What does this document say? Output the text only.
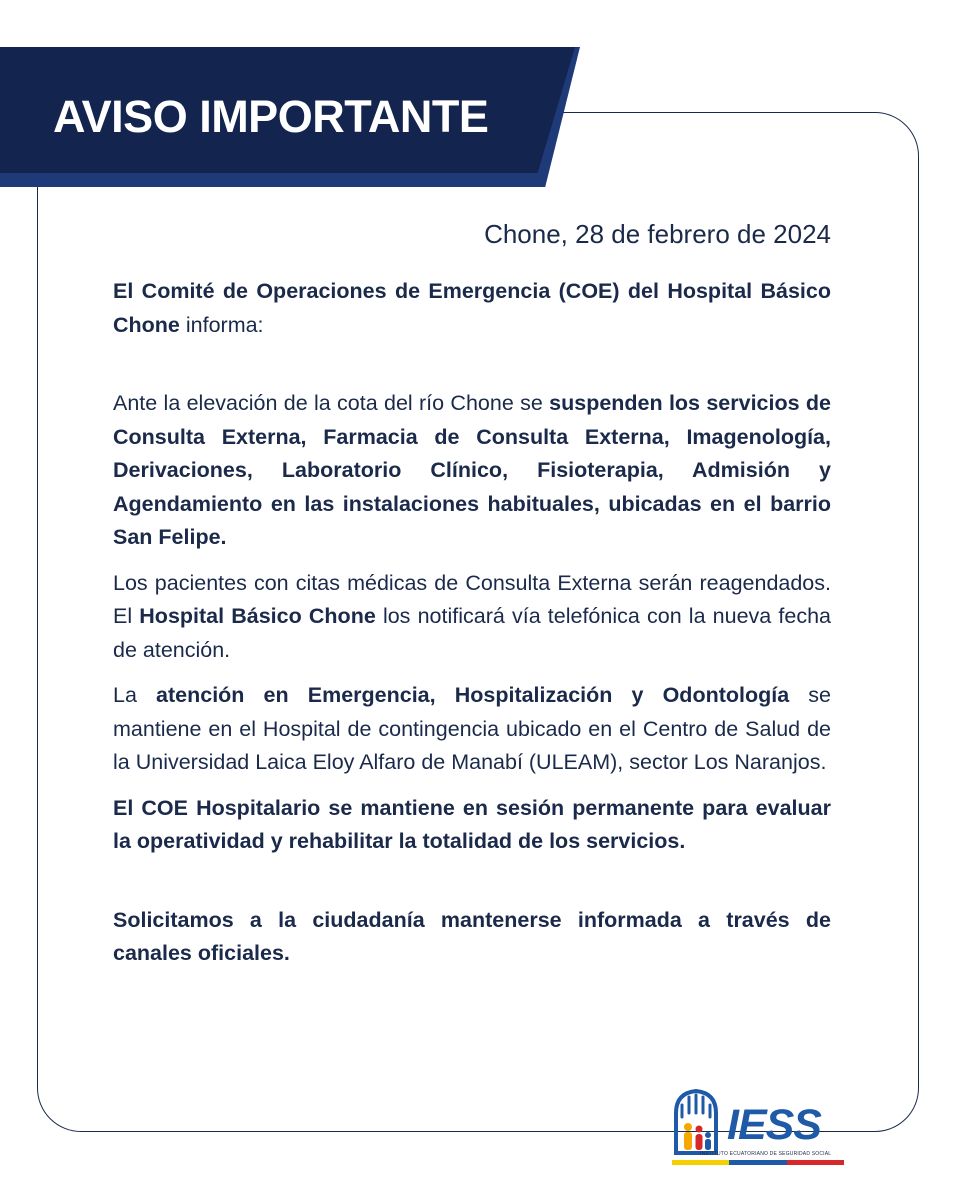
AVISO IMPORTANTE

Chone, 28 de febrero de 2024

El Comité de Operaciones de Emergencia (COE) del Hospital Básico Chone informa:

Ante la elevación de la cota del río Chone se suspenden los servicios de Consulta Externa, Farmacia de Consulta Externa, Imagenología, Derivaciones, Laboratorio Clínico, Fisioterapia, Admisión y Agendamiento en las instalaciones habituales, ubicadas en el barrio San Felipe.

Los pacientes con citas médicas de Consulta Externa serán reagendados. El Hospital Básico Chone los notificará vía telefónica con la nueva fecha de atención.

La atención en Emergencia, Hospitalización y Odontología se mantiene en el Hospital de contingencia ubicado en el Centro de Salud de la Universidad Laica Eloy Alfaro de Manabí (ULEAM), sector Los Naranjos.

El COE Hospitalario se mantiene en sesión permanente para evaluar la operatividad y rehabilitar la totalidad de los servicios.

Solicitamos a la ciudadanía mantenerse informada a través de canales oficiales.

IESS
INSTITUTO ECUATORIANO DE SEGURIDAD SOCIAL
